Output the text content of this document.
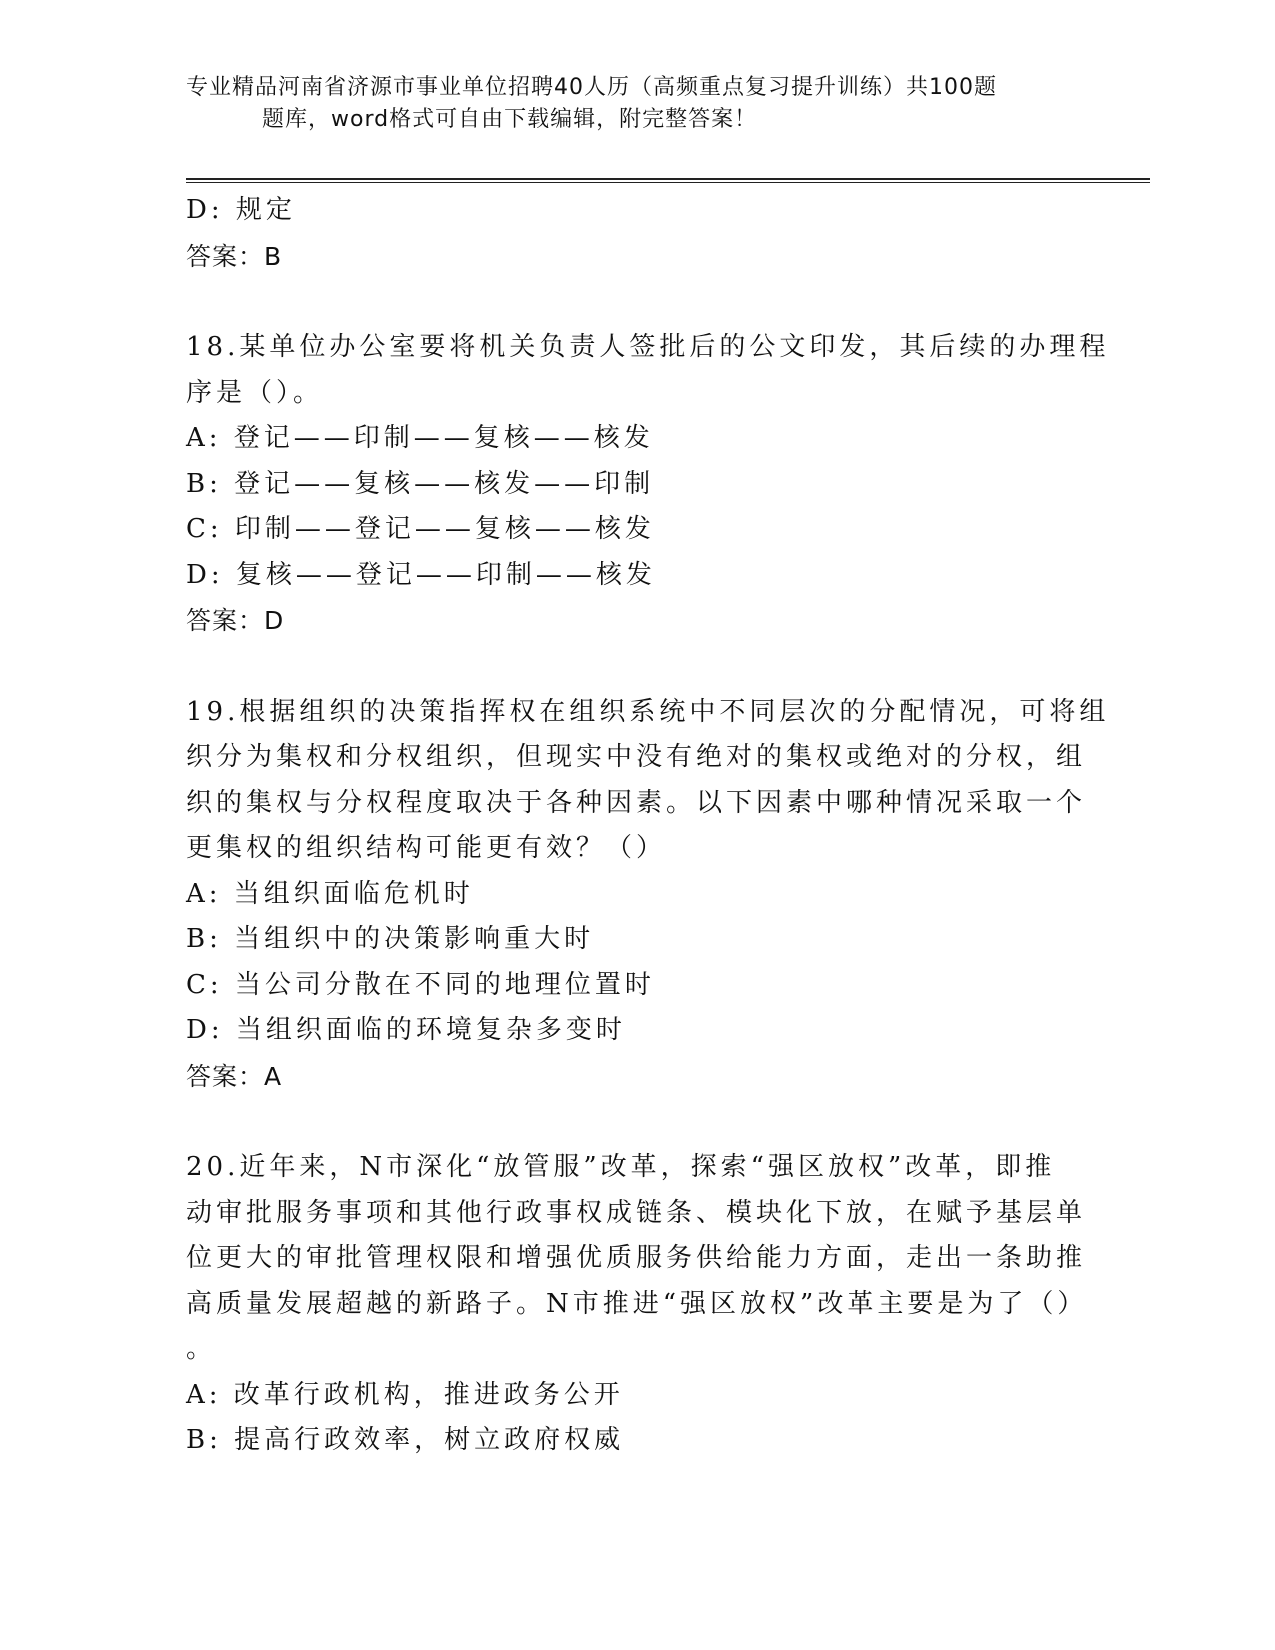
专业精品河南省济源市事业单位招聘40人历（高频重点复习提升训练）共100题
题库，word格式可自由下载编辑，附完整答案！
D: 规定
答案：B
18.某单位办公室要将机关负责人签批后的公文印发，其后续的办理程
序是（）。
A: 登记——印制——复核——核发
B: 登记——复核——核发——印制
C: 印制——登记——复核——核发
D: 复核——登记——印制——核发
答案：D
19.根据组织的决策指挥权在组织系统中不同层次的分配情况，可将组
织分为集权和分权组织，但现实中没有绝对的集权或绝对的分权，组
织的集权与分权程度取决于各种因素。以下因素中哪种情况采取一个
更集权的组织结构可能更有效？（）
A: 当组织面临危机时
B: 当组织中的决策影响重大时
C: 当公司分散在不同的地理位置时
D: 当组织面临的环境复杂多变时
答案：A
20.近年来，N市深化“放管服”改革，探索“强区放权”改革，即推
动审批服务事项和其他行政事权成链条、模块化下放，在赋予基层单
位更大的审批管理权限和增强优质服务供给能力方面，走出一条助推
高质量发展超越的新路子。N市推进“强区放权”改革主要是为了（）
。
A: 改革行政机构，推进政务公开
B: 提高行政效率，树立政府权威
